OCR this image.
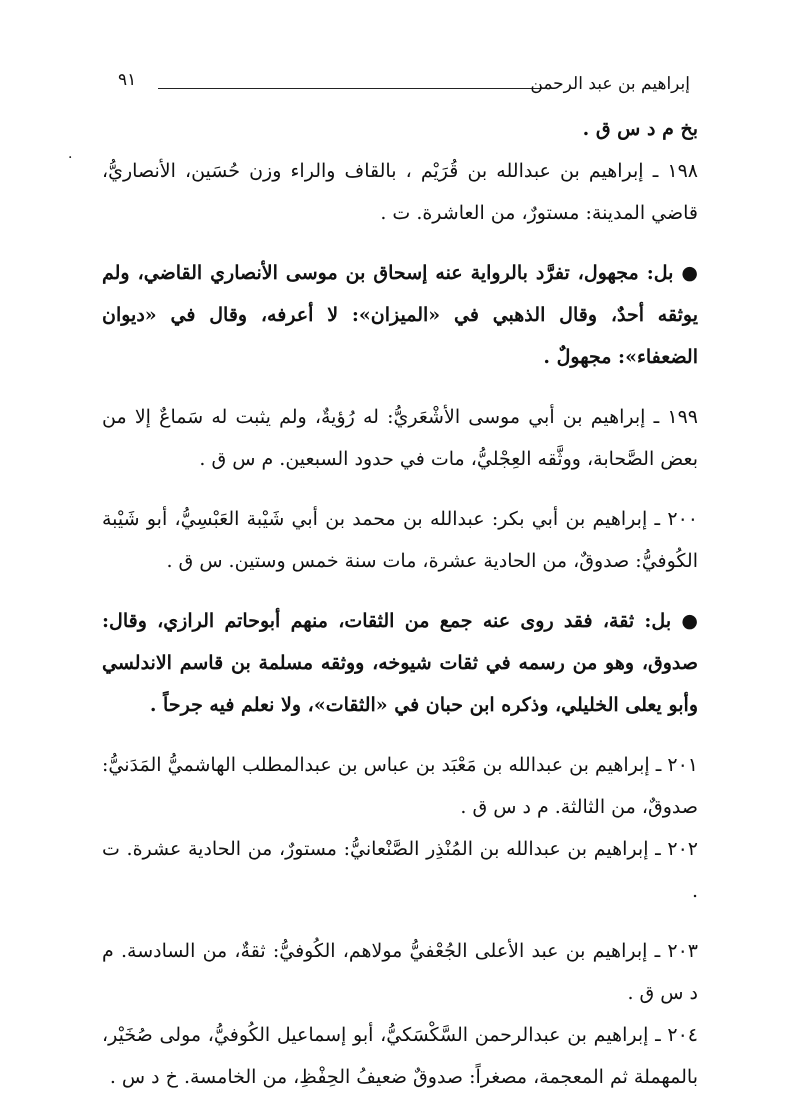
٩١	إبراهيم بن عبد الرحمن
·

بخ م د س ق .

١٩٨ ـ إبراهيم بن عبدالله بن قُرَيْم ، بالقاف والراء وزن حُسَين، الأنصاريُّ، قاضي المدينة: مستورٌ، من العاشرة. ت .

● بل: مجهول، تفرَّد بالرواية عنه إسحاق بن موسى الأنصاري القاضي، ولم يوثقه أحدٌ، وقال الذهبي في «الميزان»: لا أعرفه، وقال في «ديوان الضعفاء»: مجهولٌ .

١٩٩ ـ إبراهيم بن أبي موسى الأشْعَريُّ: له رُؤيةٌ، ولم يثبت له سَماعٌ إلا من بعض الصَّحابة، ووثَّقه العِجْليُّ، مات في حدود السبعين. م س ق .

٢٠٠ ـ إبراهيم بن أبي بكر: عبدالله بن محمد بن أبي شَيْبة العَبْسِيُّ، أبو شَيْبة الكُوفيُّ: صدوقٌ، من الحادية عشرة، مات سنة خمس وستين. س ق .

● بل: ثقة، فقد روى عنه جمع من الثقات، منهم أبوحاتم الرازي، وقال: صدوق، وهو من رسمه في ثقات شيوخه، ووثقه مسلمة بن قاسم الاندلسي وأبو يعلى الخليلي، وذكره ابن حبان في «الثقات»، ولا نعلم فيه جرحاً .

٢٠١ ـ إبراهيم بن عبدالله بن مَعْبَد بن عباس بن عبدالمطلب الهاشميُّ المَدَنيُّ: صدوقٌ، من الثالثة. م د س ق .

٢٠٢ ـ إبراهيم بن عبدالله بن المُنْذِر الصَّنْعانيُّ: مستورٌ، من الحادية عشرة. ت .

٢٠٣ ـ إبراهيم بن عبد الأعلى الجُعْفيُّ مولاهم، الكُوفيُّ: ثقةٌ، من السادسة. م د س ق .

٢٠٤ ـ إبراهيم بن عبدالرحمن السَّكْسَكيُّ، أبو إسماعيل الكُوفيُّ، مولى صُخَيْر، بالمهملة ثم المعجمة، مصغراً: صدوقٌ ضعيفُ الحِفْظِ، من الخامسة. خ د س .
